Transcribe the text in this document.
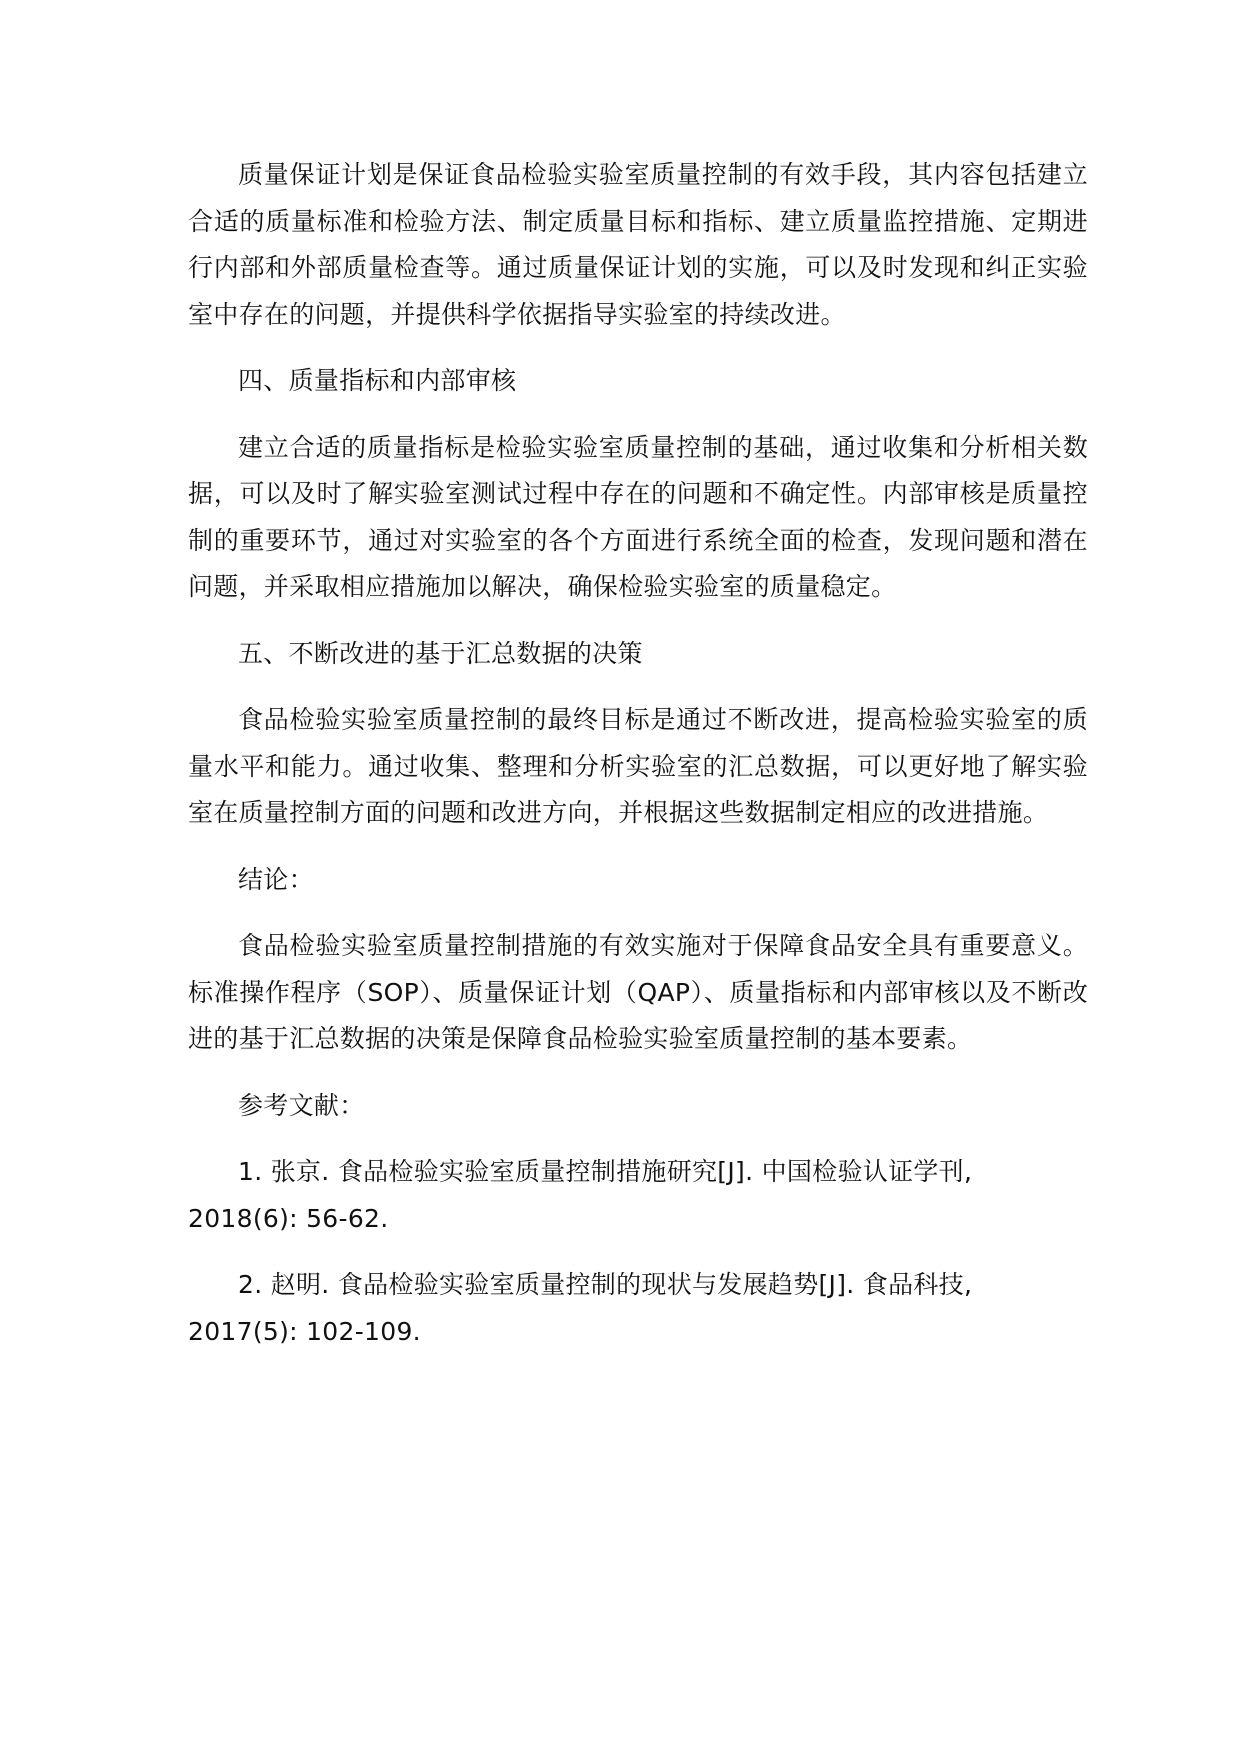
质量保证计划是保证食品检验实验室质量控制的有效手段，其内容包括建立合适的质量标准和检验方法、制定质量目标和指标、建立质量监控措施、定期进行内部和外部质量检查等。通过质量保证计划的实施，可以及时发现和纠正实验室中存在的问题，并提供科学依据指导实验室的持续改进。

四、质量指标和内部审核

建立合适的质量指标是检验实验室质量控制的基础，通过收集和分析相关数据，可以及时了解实验室测试过程中存在的问题和不确定性。内部审核是质量控制的重要环节，通过对实验室的各个方面进行系统全面的检查，发现问题和潜在问题，并采取相应措施加以解决，确保检验实验室的质量稳定。

五、不断改进的基于汇总数据的决策

食品检验实验室质量控制的最终目标是通过不断改进，提高检验实验室的质量水平和能力。通过收集、整理和分析实验室的汇总数据，可以更好地了解实验室在质量控制方面的问题和改进方向，并根据这些数据制定相应的改进措施。

结论：

食品检验实验室质量控制措施的有效实施对于保障食品安全具有重要意义。标准操作程序（SOP）、质量保证计划（QAP）、质量指标和内部审核以及不断改进的基于汇总数据的决策是保障食品检验实验室质量控制的基本要素。

参考文献：

1. 张京. 食品检验实验室质量控制措施研究[J]. 中国检验认证学刊, 2018(6): 56-62.

2. 赵明. 食品检验实验室质量控制的现状与发展趋势[J]. 食品科技, 2017(5): 102-109.
